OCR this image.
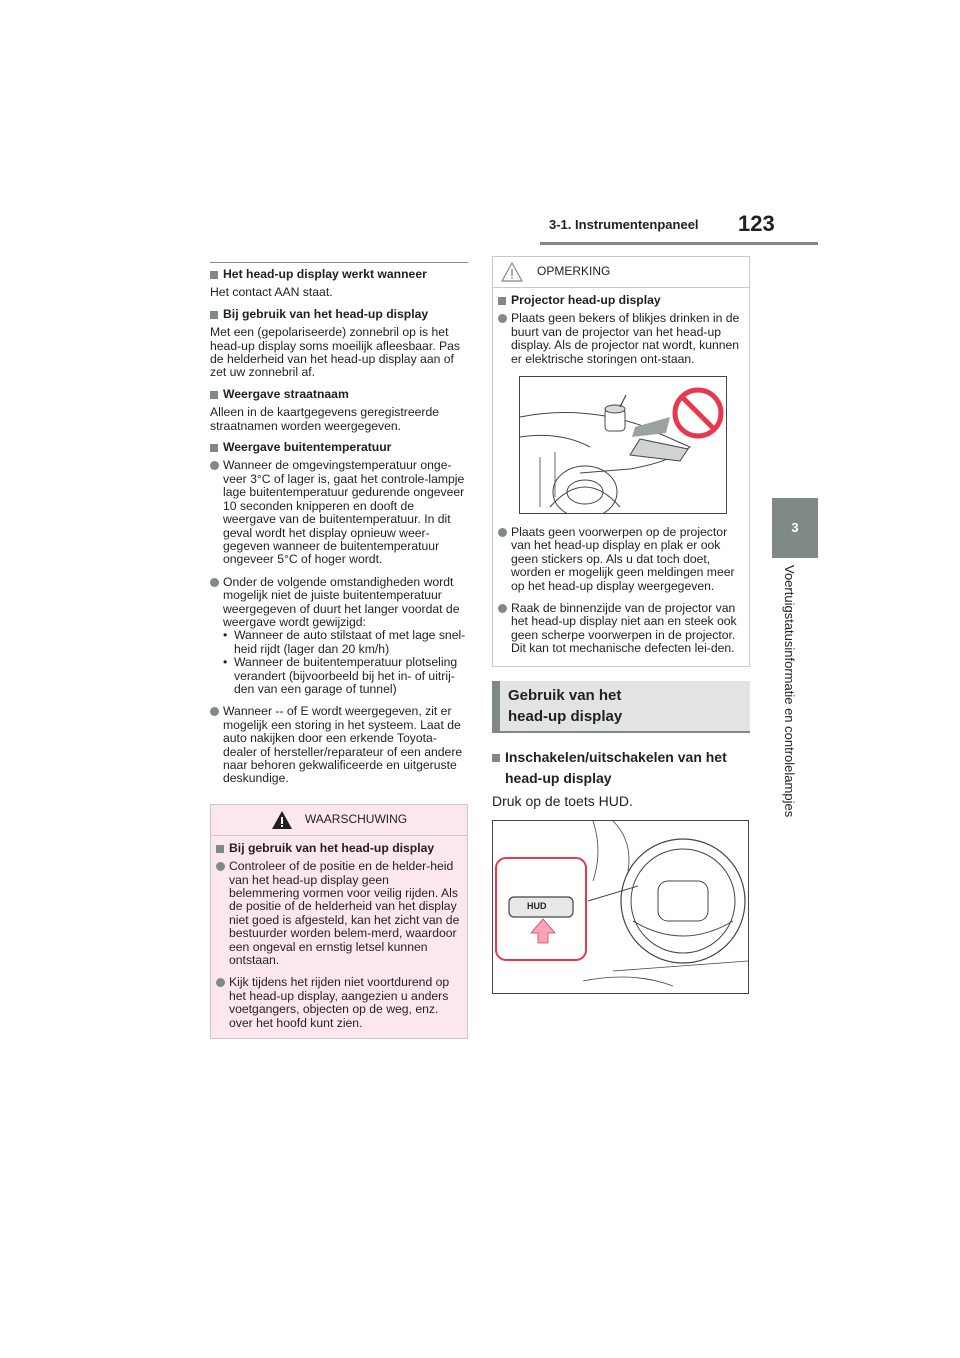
3-1. Instrumentenpaneel 123
3
Voertuigstatusinformatie en controlelampjes
Het head-up display werkt wanneer

Het contact AAN staat.

Bij gebruik van het head-up display

Met een (gepolariseerde) zonnebril op is het head-up display soms moeilijk afleesbaar. Pas de helderheid van het head-up display aan of zet uw zonnebril af.

Weergave straatnaam

Alleen in de kaartgegevens geregistreerde straatnamen worden weergegeven.

Weergave buitentemperatuur
Wanneer de omgevingstemperatuur onge-veer 3°C of lager is, gaat het controle-lampje lage buitentemperatuur gedurende ongeveer 10 seconden knipperen en dooft de weergave van de buitentemperatuur. In dit geval wordt het display opnieuw weer-gegeven wanneer de buitentemperatuur ongeveer 5°C of hoger wordt.
Onder de volgende omstandigheden wordt mogelijk niet de juiste buitentemperatuur weergegeven of duurt het langer voordat de weergave wordt gewijzigd:
• Wanneer de auto stilstaat of met lage snel-heid rijdt (lager dan 20 km/h)
• Wanneer de buitentemperatuur plotseling verandert (bijvoorbeeld bij het in- of uitrij-den van een garage of tunnel)
Wanneer -- of E wordt weergegeven, zit er mogelijk een storing in het systeem. Laat de auto nakijken door een erkende Toyota-dealer of hersteller/reparateur of een andere naar behoren gekwalificeerde en uitgeruste deskundige.
WAARSCHUWING
Bij gebruik van het head-up display
Controleer of de positie en de helder-heid van het head-up display geen belemmering vormen voor veilig rijden. Als de positie of de helderheid van het display niet goed is afgesteld, kan het zicht van de bestuurder worden belem-merd, waardoor een ongeval en ernstig letsel kunnen ontstaan.
Kijk tijdens het rijden niet voortdurend op het head-up display, aangezien u anders voetgangers, objecten op de weg, enz. over het hoofd kunt zien.
OPMERKING
Projector head-up display
Plaats geen bekers of blikjes drinken in de buurt van de projector van het head-up display. Als de projector nat wordt, kunnen er elektrische storingen ont-staan.
Plaats geen voorwerpen op de projector van het head-up display en plak er ook geen stickers op. Als u dat toch doet, worden er mogelijk geen meldingen meer op het head-up display weergegeven.
Raak de binnenzijde van de projector van het head-up display niet aan en steek ook geen scherpe voorwerpen in de projector. Dit kan tot mechanische defecten lei-den.
Gebruik van het
head-up display
Inschakelen/uitschakelen van het
head-up display

Druk op de toets HUD.

HUD
